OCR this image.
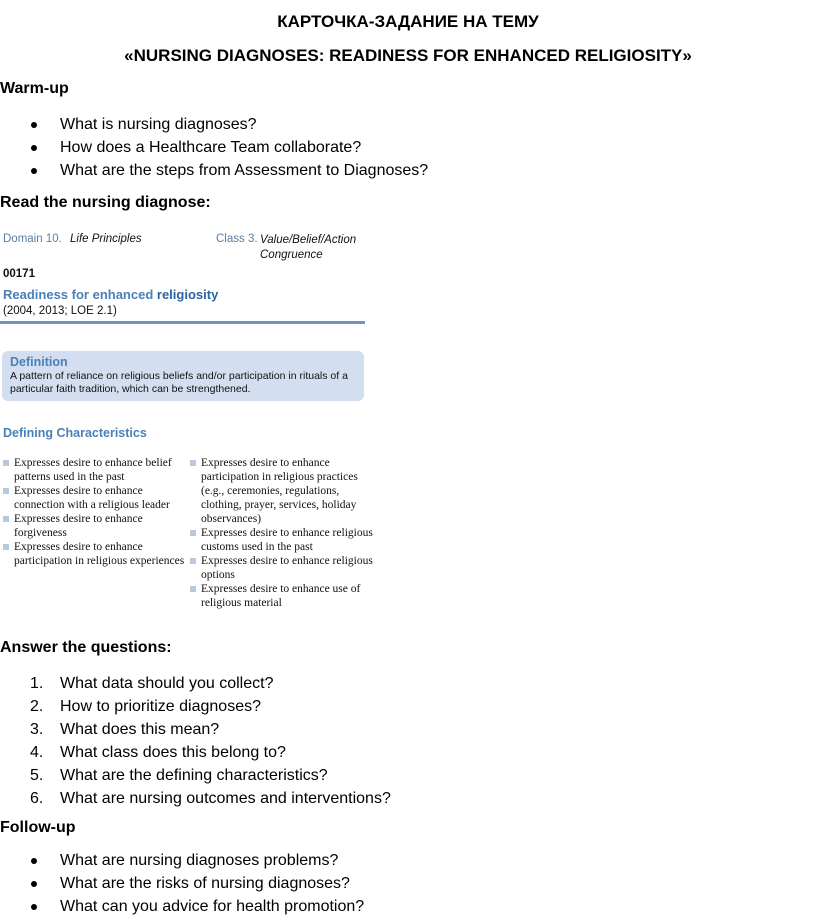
КАРТОЧКА-ЗАДАНИЕ НА ТЕМУ

«NURSING DIAGNOSES: READINESS FOR ENHANCED RELIGIOSITY»

Warm-up

What is nursing diagnoses?
How does a Healthcare Team collaborate?
What are the steps from Assessment to Diagnoses?

Read the nursing diagnose:

Domain 10. Life Principles	Class 3. Value/Belief/Action Congruence
00171
Readiness for enhanced religiosity
(2004, 2013; LOE 2.1)
Definition
A pattern of reliance on religious beliefs and/or participation in rituals of a particular faith tradition, which can be strengthened.
Defining Characteristics
Expresses desire to enhance belief patterns used in the past
Expresses desire to enhance connection with a religious leader
Expresses desire to enhance forgiveness
Expresses desire to enhance participation in religious experiences
Expresses desire to enhance participation in religious practices (e.g., ceremonies, regulations, clothing, prayer, services, holiday observances)
Expresses desire to enhance religious customs used in the past
Expresses desire to enhance religious options
Expresses desire to enhance use of religious material

Answer the questions:

1.	What data should you collect?
2.	How to prioritize diagnoses?
3.	What does this mean?
4.	What class does this belong to?
5.	What are the defining characteristics?
6.	What are nursing outcomes and interventions?

Follow-up

What are nursing diagnoses problems?
What are the risks of nursing diagnoses?
What can you advice for health promotion?
